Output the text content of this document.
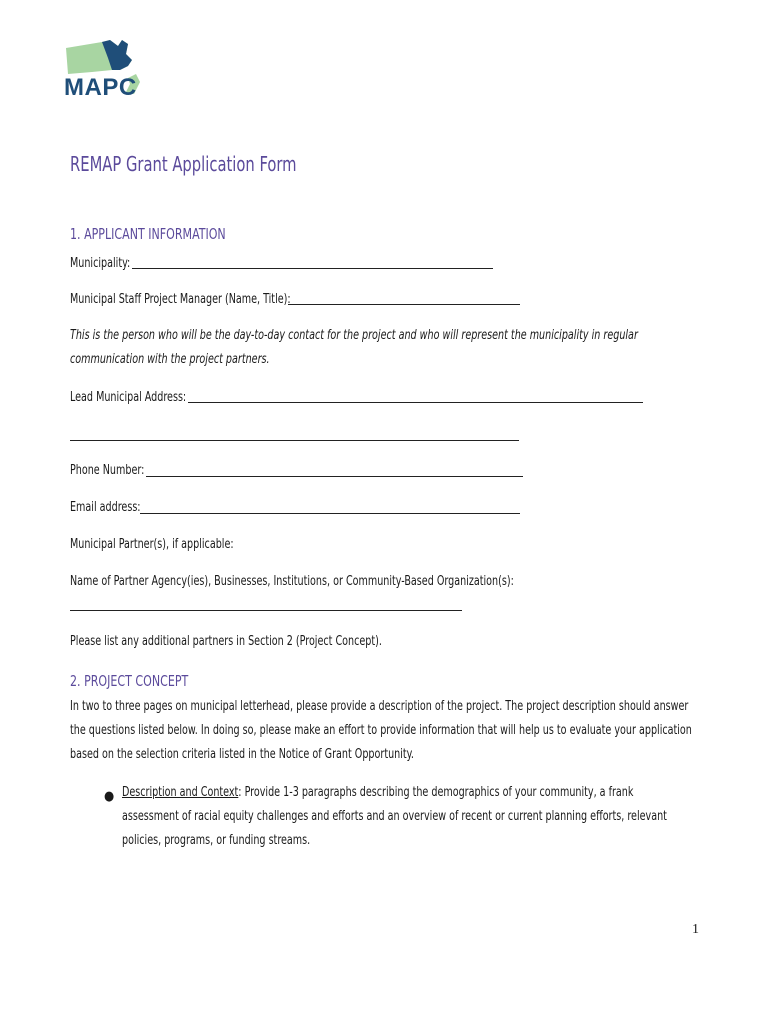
MAPC
REMAP Grant Application Form
1. APPLICANT INFORMATION
Municipality:
Municipal Staff Project Manager (Name, Title):
This is the person who will be the day-to-day contact for the project and who will represent the municipality in regular communication with the project partners.
Lead Municipal Address:
Phone Number:
Email address:
Municipal Partner(s), if applicable:
Name of Partner Agency(ies), Businesses, Institutions, or Community-Based Organization(s):
Please list any additional partners in Section 2 (Project Concept).
2. PROJECT CONCEPT
In two to three pages on municipal letterhead, please provide a description of the project. The project description should answer the questions listed below. In doing so, please make an effort to provide information that will help us to evaluate your application based on the selection criteria listed in the Notice of Grant Opportunity.
● Description and Context: Provide 1-3 paragraphs describing the demographics of your community, a frank assessment of racial equity challenges and efforts and an overview of recent or current planning efforts, relevant policies, programs, or funding streams.
1
